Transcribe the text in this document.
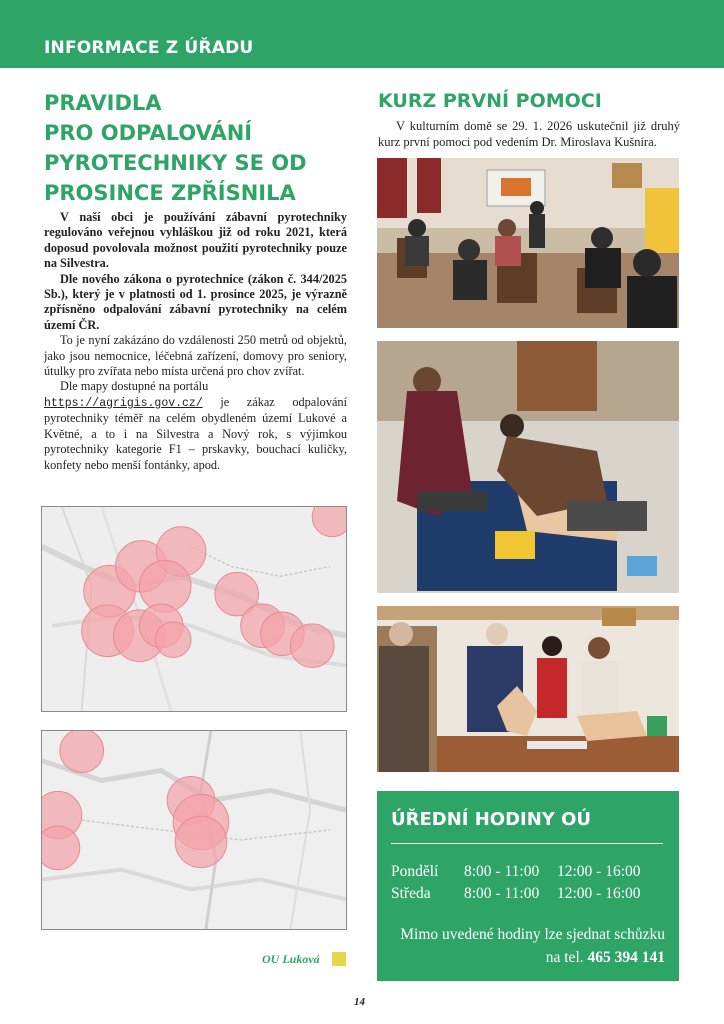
INFORMACE Z ÚŘADU
PRAVIDLA
PRO ODPALOVÁNÍ
PYROTECHNIKY SE OD
PROSINCE ZPŘÍSNILA

V naší obci je používání zábavní pyrotechniky regulováno veřejnou vyhláškou již od roku 2021, která doposud povolovala možnost použití pyrotechniky pouze na Silvestra.

Dle nového zákona o pyrotechnice (zákon č. 344/2025 Sb.), který je v platnosti od 1. prosince 2025, je výrazně zpřísněno odpalování zábavní pyrotechniky na celém území ČR.

To je nyní zakázáno do vzdálenosti 250 metrů od objektů, jako jsou nemocnice, léčebná zařízení, domovy pro seniory, útulky pro zvířata nebo místa určená pro chov zvířat.

Dle mapy dostupné na portálu

https://agrigis.gov.cz/ je zákaz odpalování pyrotechniky téměř na celém obydleném území Lukové a Květné, a to i na Silvestra a Nový rok, s výjimkou pyrotechniky kategorie F1 – prskavky, bouchací kuličky, konfety nebo menší fontánky, apod.

OU Luková
KURZ PRVNÍ POMOCI

V kulturním domě se 29. 1. 2026 uskutečnil již druhý kurz první pomoci pod vedením Dr. Miroslava Kušníra.

ÚŘEDNÍ HODINY OÚ
Pondělí 8:00 - 11:00 12:00 - 16:00
Středa 8:00 - 11:00 12:00 - 16:00
Mimo uvedené hodiny lze sjednat schůzku na tel. 465 394 141
14
